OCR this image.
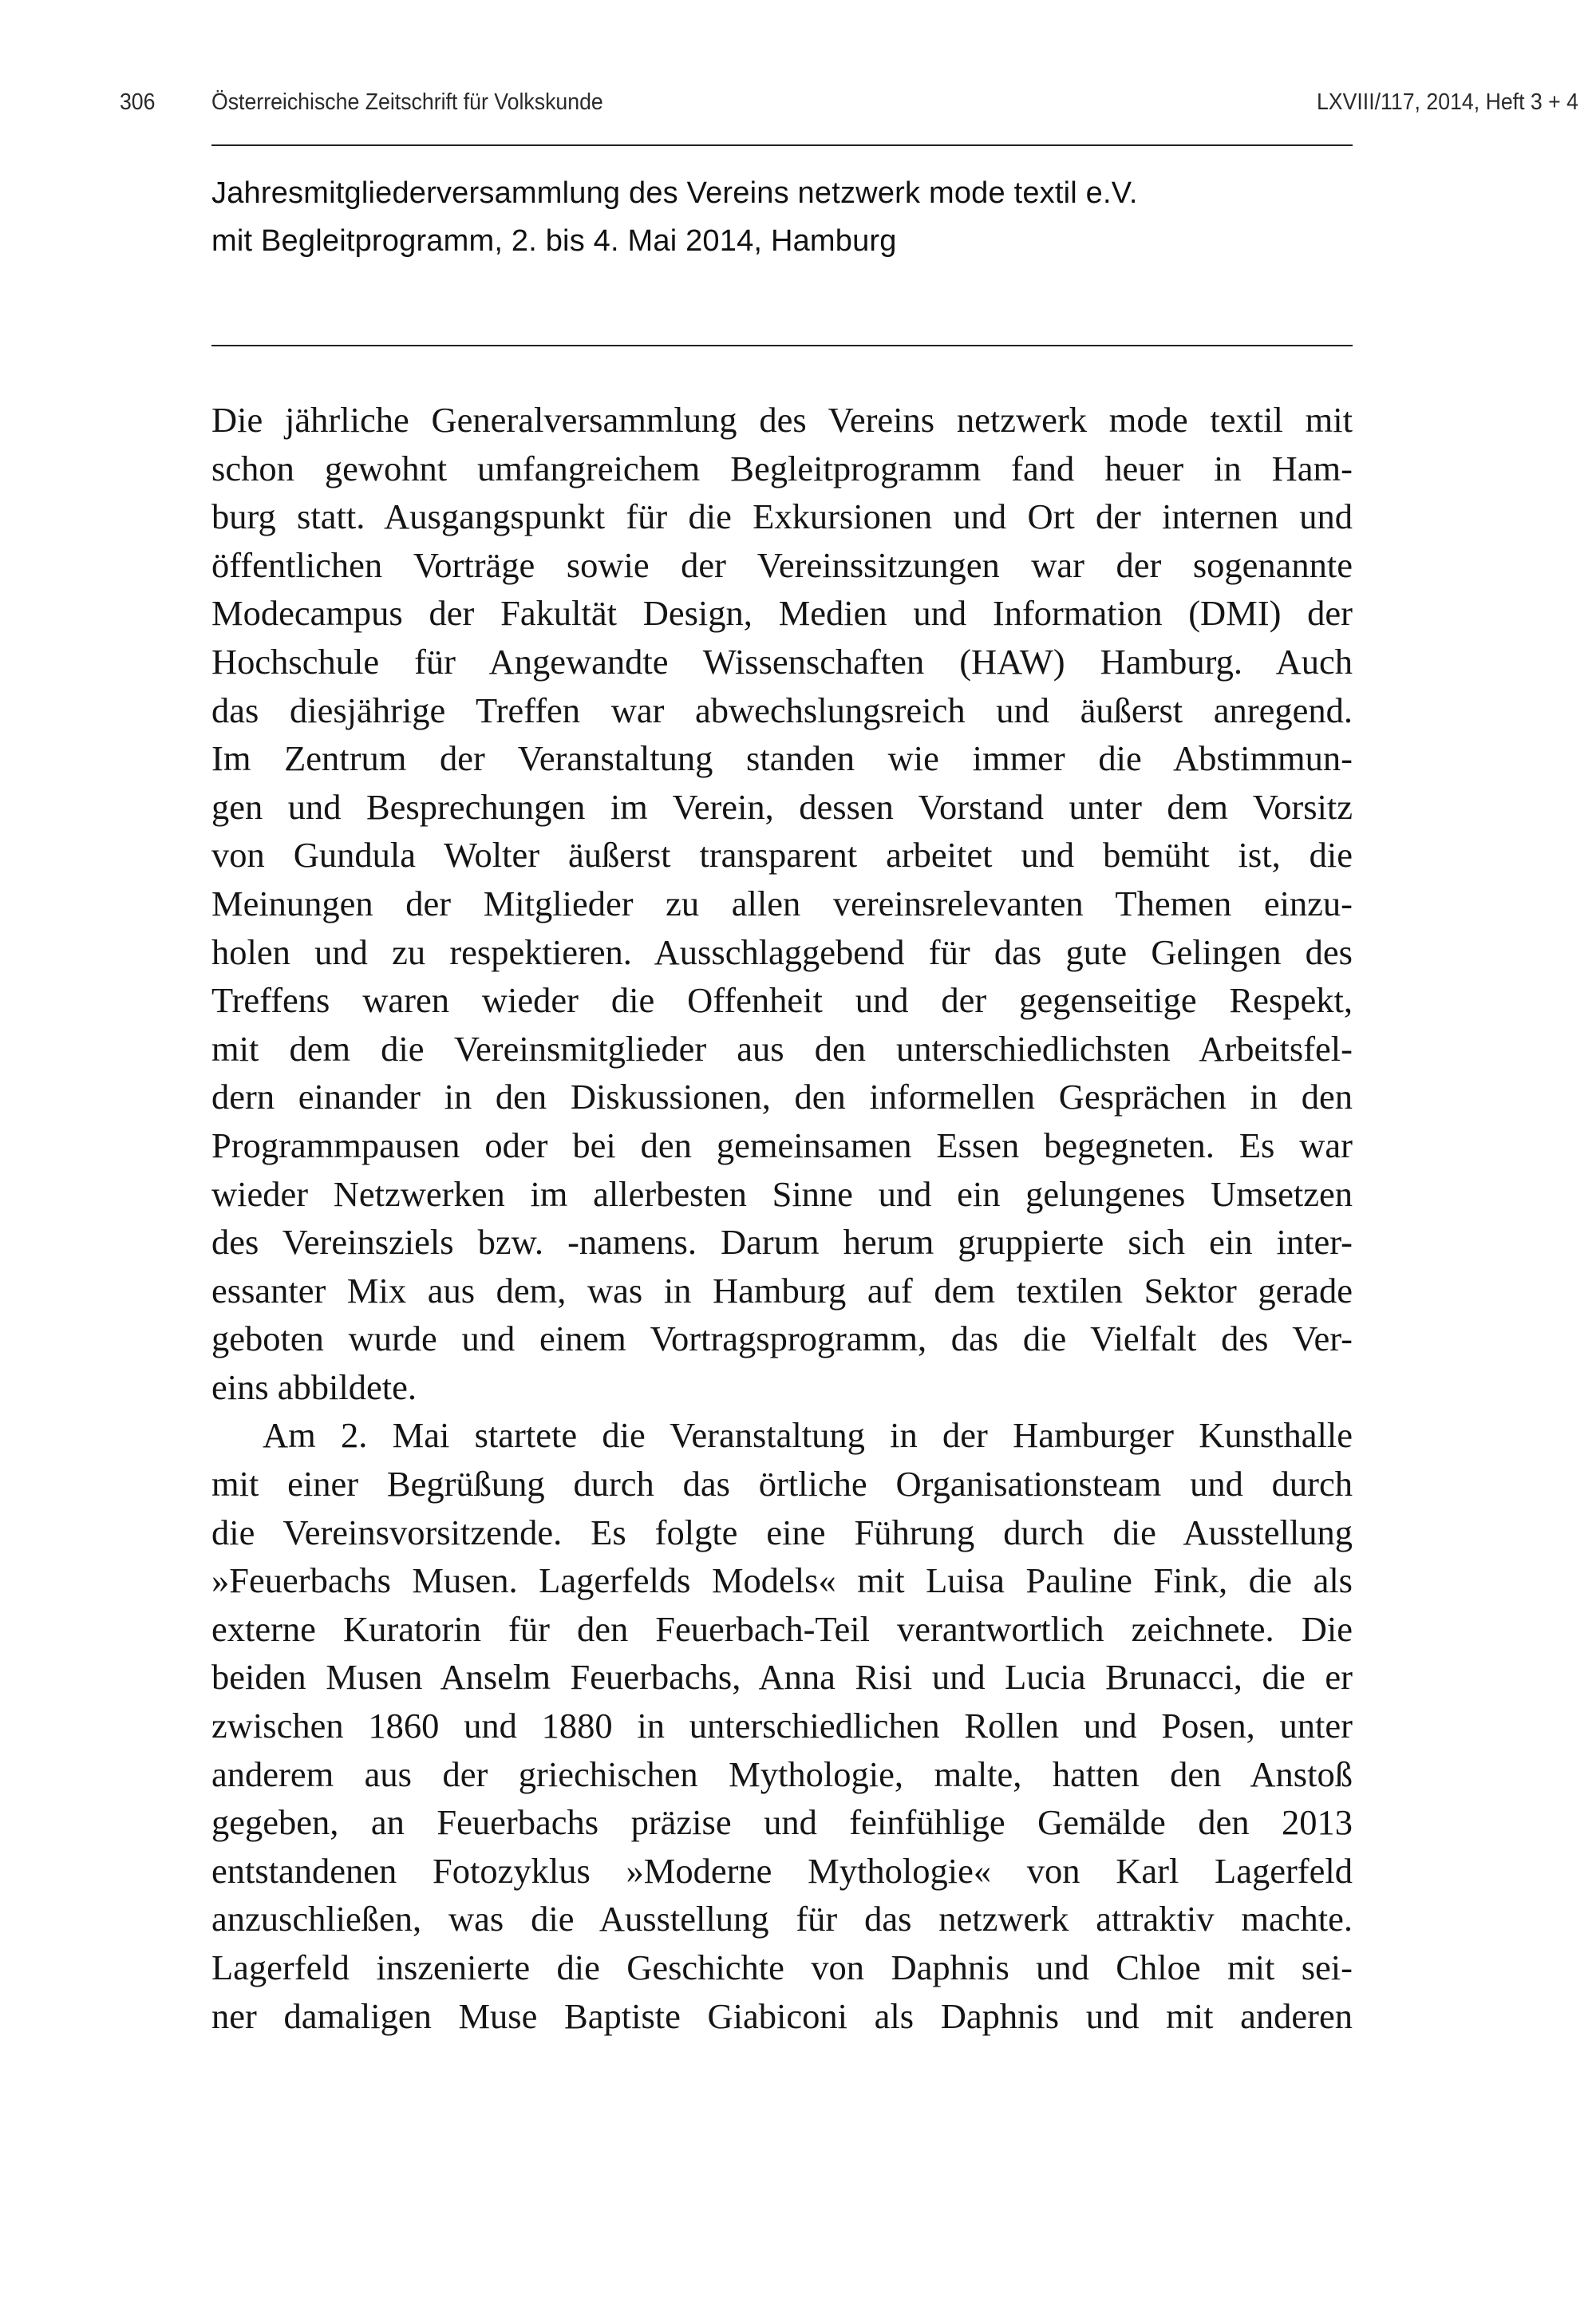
306 Österreichische Zeitschrift für Volkskunde	LXVIII/117, 2014, Heft 3 + 4
Jahresmitgliederversammlung des Vereins netzwerk mode textil e.V.
mit Begleitprogramm, 2. bis 4. Mai 2014, Hamburg
Die jährliche Generalversammlung des Vereins netzwerk mode textil mit
schon gewohnt umfangreichem Begleitprogramm fand heuer in Ham-
burg statt. Ausgangspunkt für die Exkursionen und Ort der internen und
öffentlichen Vorträge sowie der Vereinssitzungen war der sogenannte
Modecampus der Fakultät Design, Medien und Information (DMI) der
Hochschule für Angewandte Wissenschaften (HAW) Hamburg. Auch
das diesjährige Treffen war abwechslungsreich und äußerst anregend.
Im Zentrum der Veranstaltung standen wie immer die Abstimmun-
gen und Besprechungen im Verein, dessen Vorstand unter dem Vorsitz
von Gundula Wolter äußerst transparent arbeitet und bemüht ist, die
Meinungen der Mitglieder zu allen vereinsrelevanten Themen einzu-
holen und zu respektieren. Ausschlaggebend für das gute Gelingen des
Treffens waren wieder die Offenheit und der gegenseitige Respekt,
mit dem die Vereinsmitglieder aus den unterschiedlichsten Arbeitsfel-
dern einander in den Diskussionen, den informellen Gesprächen in den
Programmpausen oder bei den gemeinsamen Essen begegneten. Es war
wieder Netzwerken im allerbesten Sinne und ein gelungenes Umsetzen
des Vereinsziels bzw. -namens. Darum herum gruppierte sich ein inter-
essanter Mix aus dem, was in Hamburg auf dem textilen Sektor gerade
geboten wurde und einem Vortragsprogramm, das die Vielfalt des Ver-
eins abbildete.
Am 2. Mai startete die Veranstaltung in der Hamburger Kunsthalle
mit einer Begrüßung durch das örtliche Organisationsteam und durch
die Vereinsvorsitzende. Es folgte eine Führung durch die Ausstellung
»Feuerbachs Musen. Lagerfelds Models« mit Luisa Pauline Fink, die als
externe Kuratorin für den Feuerbach-Teil verantwortlich zeichnete. Die
beiden Musen Anselm Feuerbachs, Anna Risi und Lucia Brunacci, die er
zwischen 1860 und 1880 in unterschiedlichen Rollen und Posen, unter
anderem aus der griechischen Mythologie, malte, hatten den Anstoß
gegeben, an Feuerbachs präzise und feinfühlige Gemälde den 2013
entstandenen Fotozyklus »Moderne Mythologie« von Karl Lagerfeld
anzuschließen, was die Ausstellung für das netzwerk attraktiv machte.
Lagerfeld inszenierte die Geschichte von Daphnis und Chloe mit sei-
ner damaligen Muse Baptiste Giabiconi als Daphnis und mit anderen
